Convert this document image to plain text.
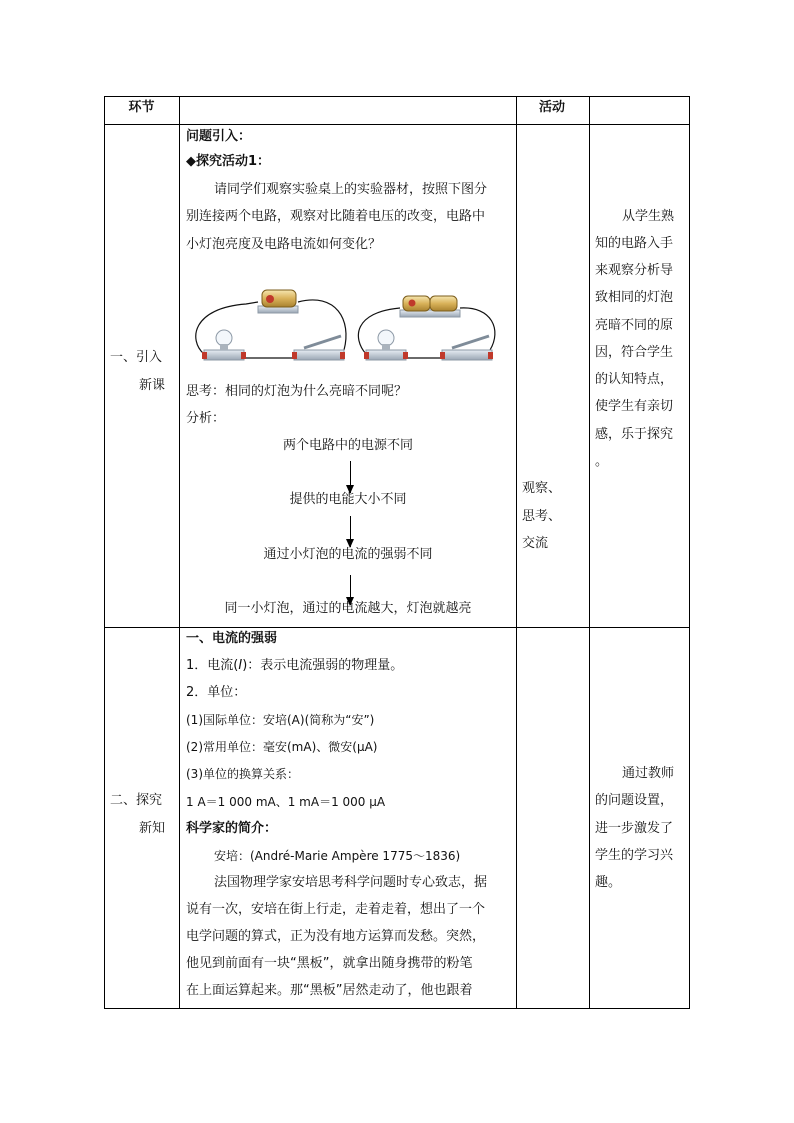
环节	活动
一、引入
新课
问题引入：
◆探究活动1：
请同学们观察实验桌上的实验器材，按照下图分
别连接两个电路，观察对比随着电压的改变，电路中
小灯泡亮度及电路电流如何变化？
思考：相同的灯泡为什么亮暗不同呢？
分析：
两个电路中的电源不同
提供的电能大小不同
通过小灯泡的电流的强弱不同
同一小灯泡，通过的电流越大，灯泡就越亮
观察、
思考、
交流
从学生熟
知的电路入手
来观察分析导
致相同的灯泡
亮暗不同的原
因，符合学生
的认知特点，
使学生有亲切
感，乐于探究
。
二、探究
新知
一、电流的强弱
1．电流(I)：表示电流强弱的物理量。
2．单位：
(1)国际单位：安培(A)(简称为“安”)
(2)常用单位：毫安(mA)、微安(μA)
(3)单位的换算关系：
1 A＝1 000 mA、1 mA＝1 000 μA
科学家的简介：
安培：(André-Marie Ampère 1775～1836)
法国物理学家安培思考科学问题时专心致志，据
说有一次，安培在街上行走，走着走着，想出了一个
电学问题的算式，正为没有地方运算而发愁。突然，
他见到前面有一块“黑板”，就拿出随身携带的粉笔
在上面运算起来。那“黑板”居然走动了，他也跟着
通过教师
的问题设置，
进一步激发了
学生的学习兴
趣。
